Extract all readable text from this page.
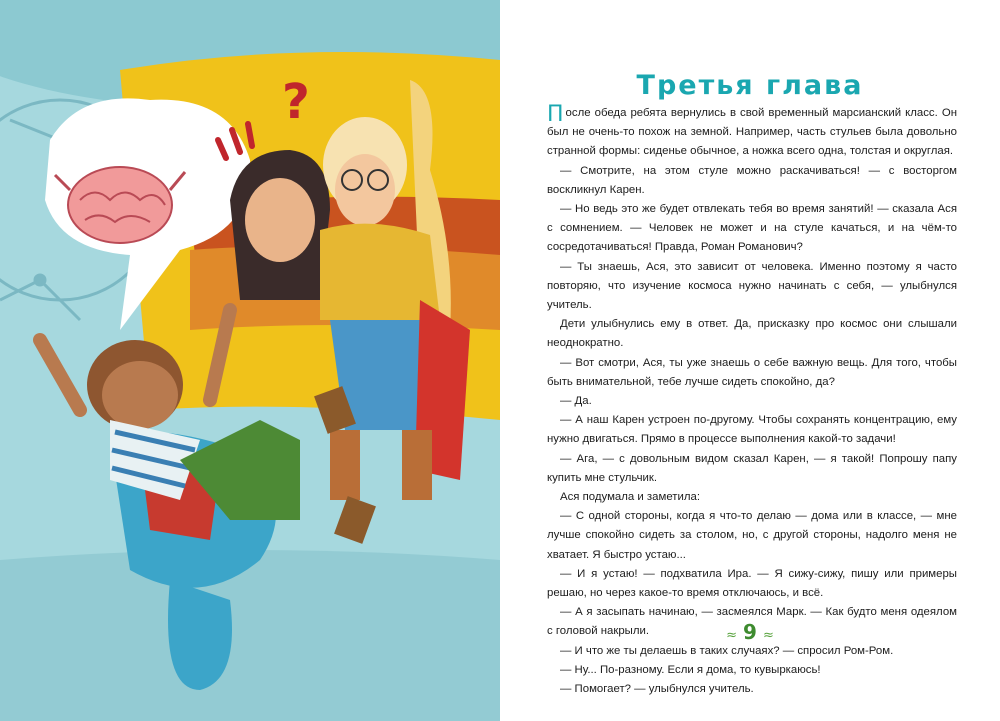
?	Третья глава

После обеда ребята вернулись в свой временный марсианский класс. Он был не очень-то похож на земной. Например, часть стульев была довольно странной формы: сиденье обычное, а ножка всего одна, толстая и округлая.

— Смотрите, на этом стуле можно раскачиваться! — с восторгом воскликнул Карен.

— Но ведь это же будет отвлекать тебя во время занятий! — сказала Ася с сомнением. — Человек не может и на стуле качаться, и на чём-то сосредотачиваться! Правда, Роман Романович?

— Ты знаешь, Ася, это зависит от человека. Именно поэтому я часто повторяю, что изучение космоса нужно начинать с себя, — улыбнулся учитель.

Дети улыбнулись ему в ответ. Да, присказку про космос они слышали неоднократно.

— Вот смотри, Ася, ты уже знаешь о себе важную вещь. Для того, чтобы быть внимательной, тебе лучше сидеть спокойно, да?

— Да.

— А наш Карен устроен по-другому. Чтобы сохранять концентрацию, ему нужно двигаться. Прямо в процессе выполнения какой-то задачи!

— Ага, — с довольным видом сказал Карен, — я такой! Попрошу папу купить мне стульчик.

Ася подумала и заметила:

— С одной стороны, когда я что-то делаю — дома или в классе, — мне лучше спокойно сидеть за столом, но, с другой стороны, надолго меня не хватает. Я быстро устаю...

— И я устаю! — подхватила Ира. — Я сижу-сижу, пишу или примеры решаю, но через какое-то время отключаюсь, и всё.

— А я засыпать начинаю, — засмеялся Марк. — Как будто меня одеялом с головой накрыли.

— И что же ты делаешь в таких случаях? — спросил Ром-Ром.

— Ну... По-разному. Если я дома, то кувыркаюсь!

— Помогает? — улыбнулся учитель.

≈ 9 ≈
